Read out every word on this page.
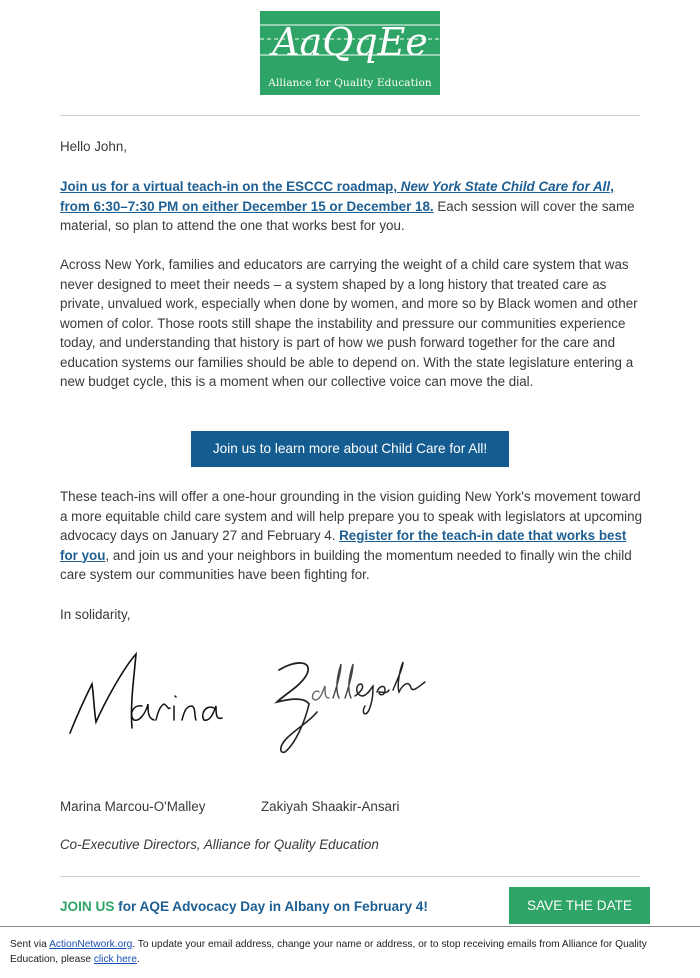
AaQqEe
Alliance for Quality Education
Hello John,
Join us for a virtual teach-in on the ESCCC roadmap, New York State Child Care for All, from 6:30–7:30 PM on either December 15 or December 18. Each session will cover the same material, so plan to attend the one that works best for you.
Across New York, families and educators are carrying the weight of a child care system that was never designed to meet their needs – a system shaped by a long history that treated care as private, unvalued work, especially when done by women, and more so by Black women and other women of color. Those roots still shape the instability and pressure our communities experience today, and understanding that history is part of how we push forward together for the care and education systems our families should be able to depend on. With the state legislature entering a new budget cycle, this is a moment when our collective voice can move the dial.
Join us to learn more about Child Care for All!
These teach-ins will offer a one-hour grounding in the vision guiding New York's movement toward a more equitable child care system and will help prepare you to speak with legislators at upcoming advocacy days on January 27 and February 4. Register for the teach-in date that works best for you, and join us and your neighbors in building the momentum needed to finally win the child care system our communities have been fighting for.
In solidarity,
Marina Marcou-O'Malley	Zakiyah Shaakir-Ansari
Co-Executive Directors, Alliance for Quality Education
JOIN US for AQE Advocacy Day in Albany on February 4!	SAVE THE DATE

Sent via ActionNetwork.org. To update your email address, change your name or address, or to stop receiving emails from Alliance for Quality Education, please click here.
